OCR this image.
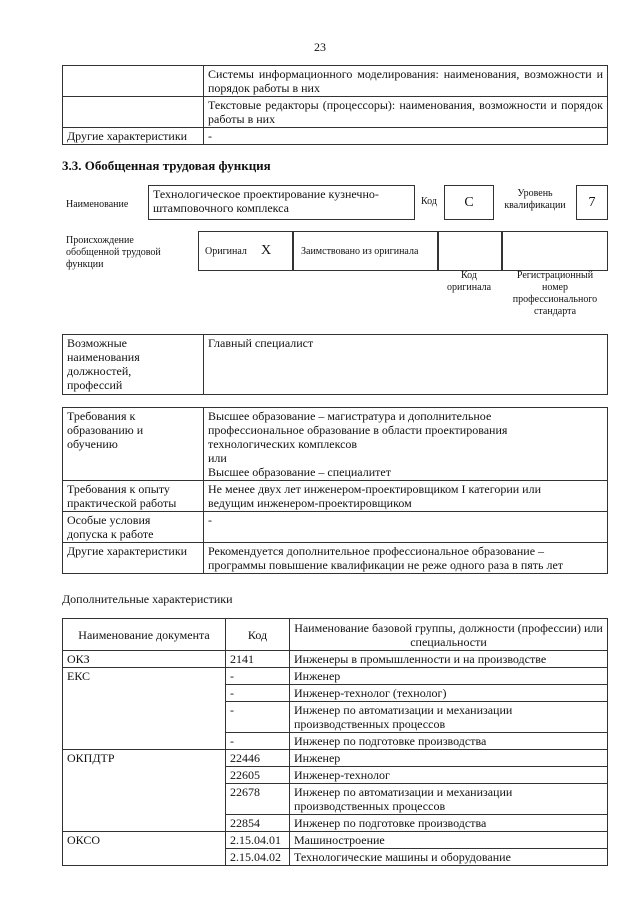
23
	Системы информационного моделирования: наименования, возможности и порядок работы в них
	Текстовые редакторы (процессоры): наименования, возможности и порядок работы в них
Другие характеристики	-
3.3. Обобщенная трудовая функция
Наименование
Технологическое проектирование кузнечно-штамповочного комплекса	Код	C
Уровень квалификации	7
Происхождение обобщенной трудовой функции
Оригинал X	Заимствовано из оригинала
Код оригинала
Регистрационный номер профессионального стандарта
Возможные наименования должностей, профессий	Главный специалист
Требования к образованию и обучению	Высшее образование – магистратура и дополнительное профессиональное образование в области проектирования технологических комплексов
или
Высшее образование – специалитет
Требования к опыту практической работы	Не менее двух лет инженером-проектировщиком I категории или ведущим инженером-проектировщиком
Особые условия допуска к работе	-
Другие характеристики	Рекомендуется дополнительное профессиональное образование – программы повышение квалификации не реже одного раза в пять лет
Дополнительные характеристики
Наименование документа	Код	Наименование базовой группы, должности (профессии) или специальности
ОКЗ	2141	Инженеры в промышленности и на производстве
ЕКС	-	Инженер
	-	Инженер-технолог (технолог)
	-	Инженер по автоматизации и механизации производственных процессов
	-	Инженер по подготовке производства
ОКПДТР	22446	Инженер
	22605	Инженер-технолог
	22678	Инженер по автоматизации и механизации производственных процессов
	22854	Инженер по подготовке производства
ОКСО	2.15.04.01	Машиностроение
	2.15.04.02	Технологические машины и оборудование
